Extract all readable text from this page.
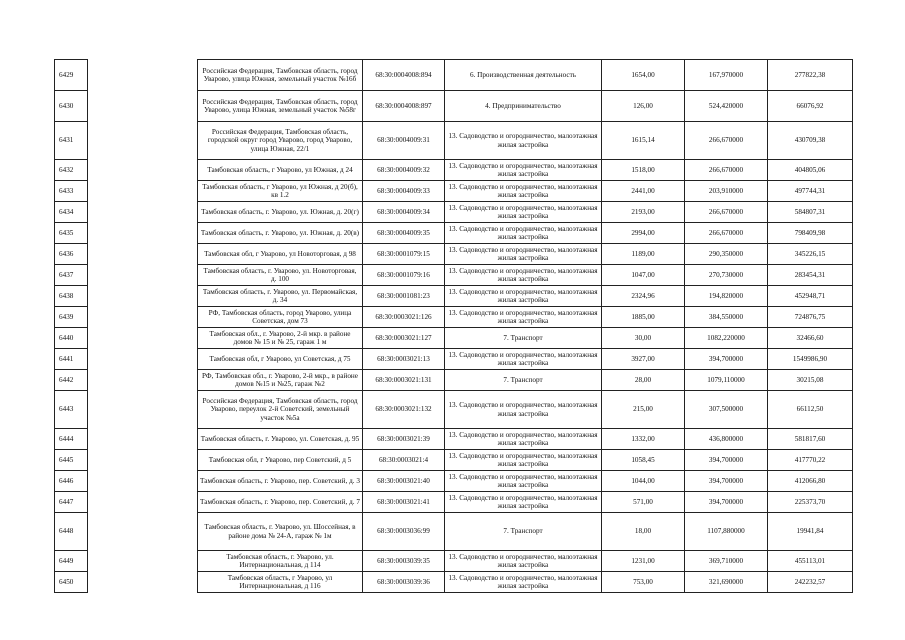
6429		Российская Федерация, Тамбовская область, город Уварово, улица Южная, земельный участок №16б	68:30:0004008:894	6. Производственная деятельность	1654,00	167,970000	277822,38
6430		Российская Федерация, Тамбовская область, город Уварово, улица Южная, земельный участок №58г	68:30:0004008:897	4. Предпринимательство	126,00	524,420000	66076,92
6431		Российская Федерация, Тамбовская область, городской округ город Уварово, город Уварово, улица Южная, 22/1	68:30:0004009:31	13. Садоводство и огородничество, малоэтажная жилая застройка	1615,14	266,670000	430709,38
6432		Тамбовская область, г Уварово, ул Южная, д 24	68:30:0004009:32	13. Садоводство и огородничество, малоэтажная жилая застройка	1518,00	266,670000	404805,06
6433		Тамбовская область, г Уварово, ул Южная, д 20(б), кв 1.2	68:30:0004009:33	13. Садоводство и огородничество, малоэтажная жилая застройка	2441,00	203,910000	497744,31
6434		Тамбовская область, г. Уварово, ул. Южная, д. 20(г)	68:30:0004009:34	13. Садоводство и огородничество, малоэтажная жилая застройка	2193,00	266,670000	584807,31
6435		Тамбовская область, г. Уварово, ул. Южная, д. 20(в)	68:30:0004009:35	13. Садоводство и огородничество, малоэтажная жилая застройка	2994,00	266,670000	798409,98
6436		Тамбовская обл, г Уварово, ул Новоторговая, д 98	68:30:0001079:15	13. Садоводство и огородничество, малоэтажная жилая застройка	1189,00	290,350000	345226,15
6437		Тамбовская область, г. Уварово, ул. Новоторговая, д. 100	68:30:0001079:16	13. Садоводство и огородничество, малоэтажная жилая застройка	1047,00	270,730000	283454,31
6438		Тамбовская область, г. Уварово, ул. Первомайская, д. 34	68:30:0001081:23	13. Садоводство и огородничество, малоэтажная жилая застройка	2324,96	194,820000	452948,71
6439		РФ, Тамбовская область, город Уварово, улица Советская, дом 73	68:30:0003021:126	13. Садоводство и огородничество, малоэтажная жилая застройка	1885,00	384,550000	724876,75
6440		Тамбовская обл., г. Уварово, 2-й мкр. в районе домов № 15 и № 25, гараж 1 м	68:30:0003021:127	7. Транспорт	30,00	1082,220000	32466,60
6441		Тамбовская обл, г Уварово, ул Советская, д 75	68:30:0003021:13	13. Садоводство и огородничество, малоэтажная жилая застройка	3927,00	394,700000	1549986,90
6442		РФ, Тамбовская обл., г. Уварово, 2-й мкр., в районе домов №15 и №25, гараж №2	68:30:0003021:131	7. Транспорт	28,00	1079,110000	30215,08
6443		Российская Федерация, Тамбовская область, город Уварово, переулок 2-й Советский, земельный участок №5а	68:30:0003021:132	13. Садоводство и огородничество, малоэтажная жилая застройка	215,00	307,500000	66112,50
6444		Тамбовская область, г. Уварово, ул. Советская, д. 95	68:30:0003021:39	13. Садоводство и огородничество, малоэтажная жилая застройка	1332,00	436,800000	581817,60
6445		Тамбовская обл, г Уварово, пер Советский, д 5	68:30:0003021:4	13. Садоводство и огородничество, малоэтажная жилая застройка	1058,45	394,700000	417770,22
6446		Тамбовская область, г. Уварово, пер. Советский, д. 3	68:30:0003021:40	13. Садоводство и огородничество, малоэтажная жилая застройка	1044,00	394,700000	412066,80
6447		Тамбовская область, г. Уварово, пер. Советский, д. 7	68:30:0003021:41	13. Садоводство и огородничество, малоэтажная жилая застройка	571,00	394,700000	225373,70
6448		Тамбовская область, г. Уварово, ул. Шоссейная, в районе дома № 24-А, гараж № 1м	68:30:0003036:99	7. Транспорт	18,00	1107,880000	19941,84
6449		Тамбовская область, г. Уварово, ул. Интернациональная, д 114	68:30:0003039:35	13. Садоводство и огородничество, малоэтажная жилая застройка	1231,00	369,710000	455113,01
6450		Тамбовская область, г Уварово, ул Интернациональная, д 116	68:30:0003039:36	13. Садоводство и огородничество, малоэтажная жилая застройка	753,00	321,690000	242232,57
